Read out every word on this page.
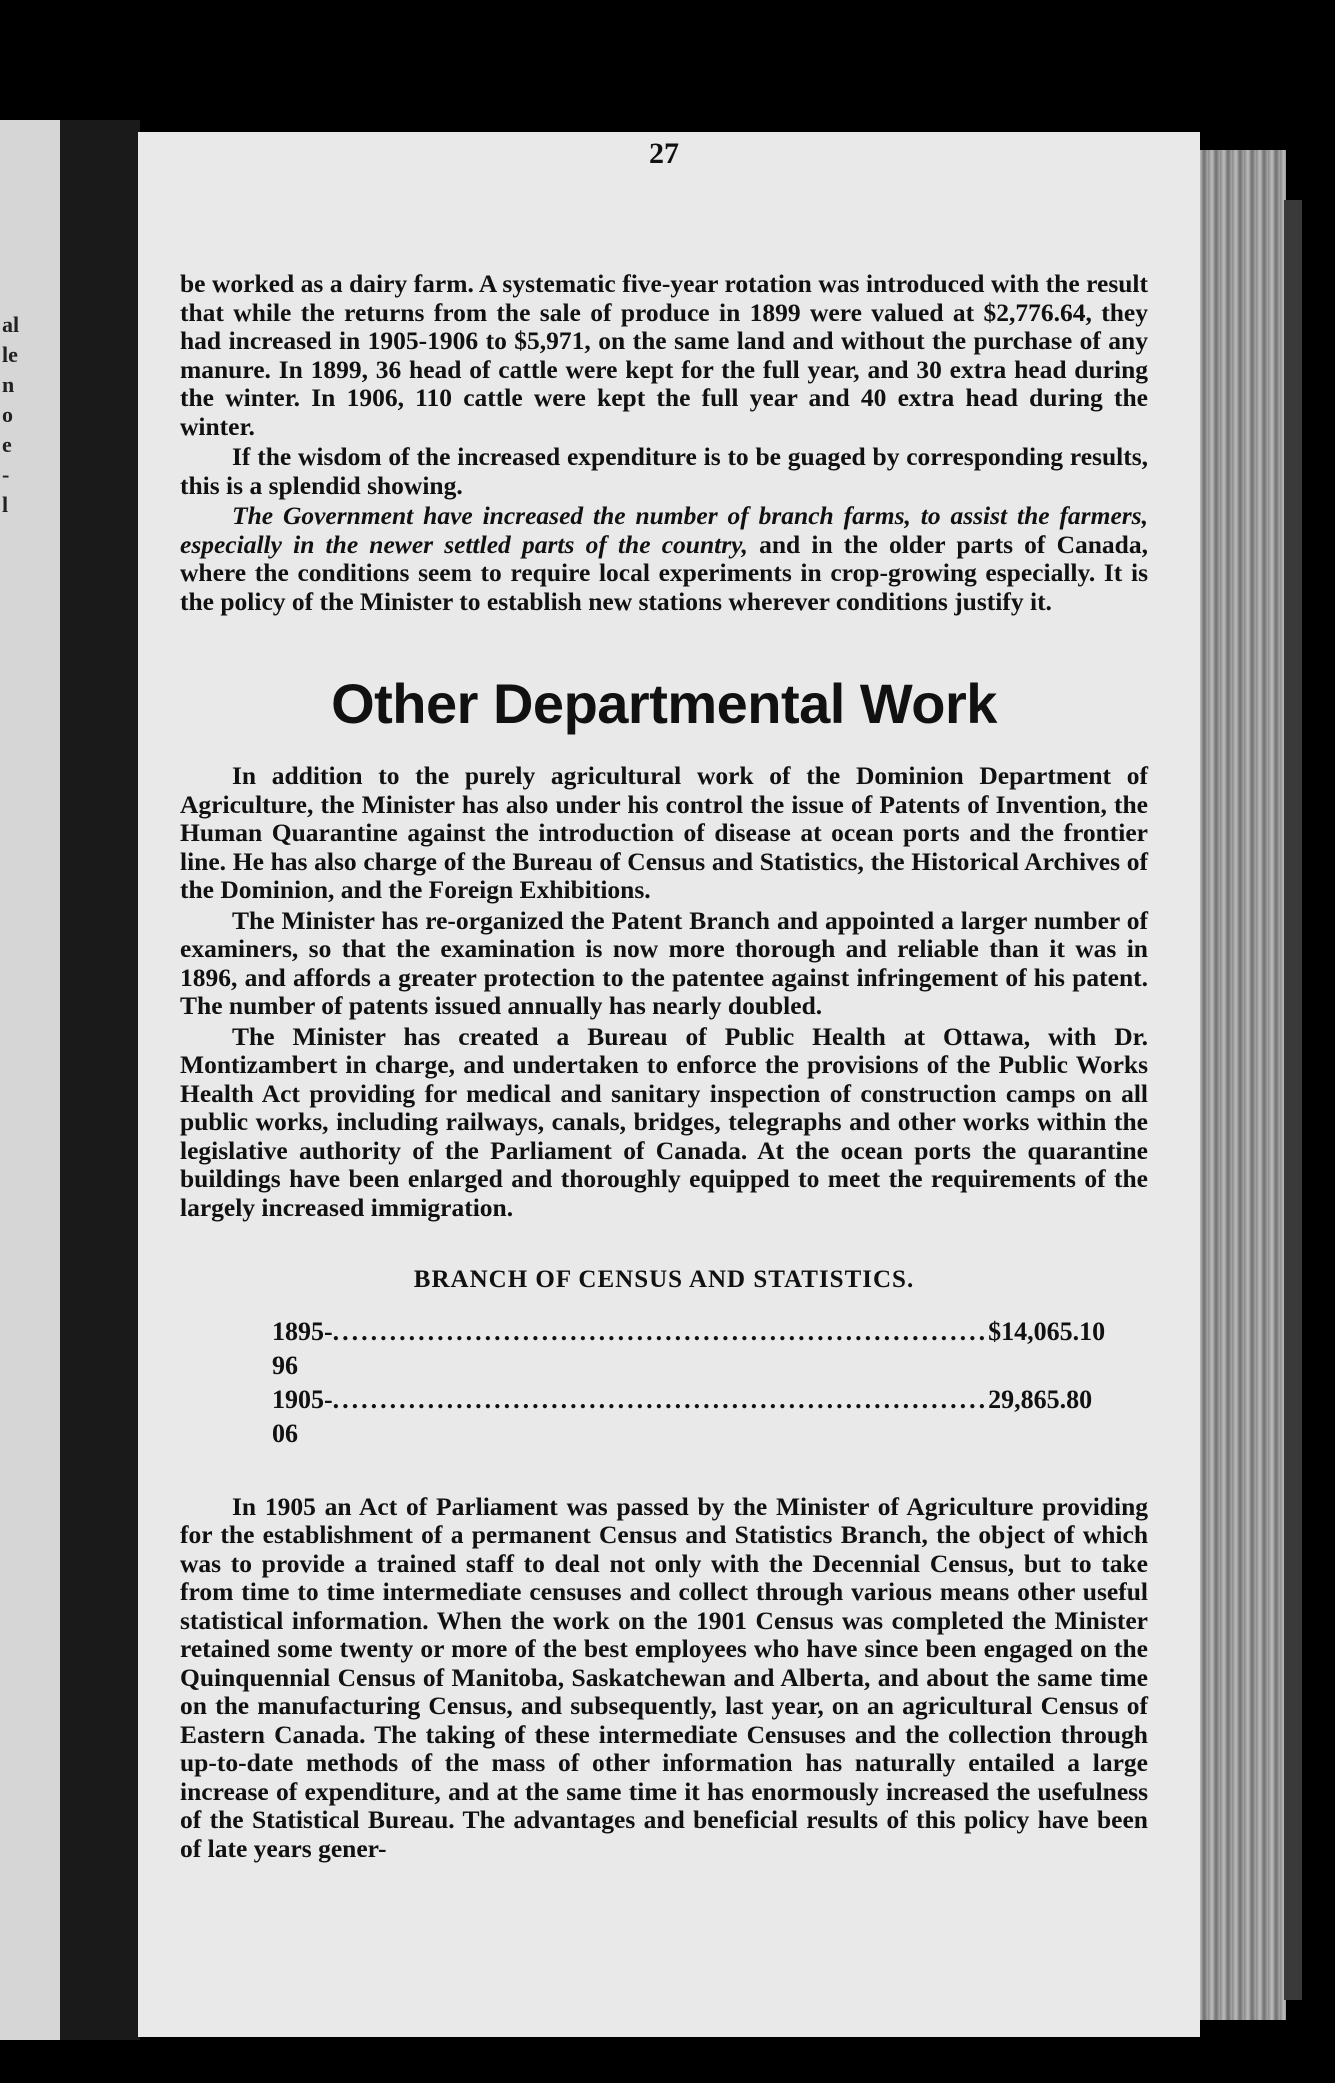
al
le
n
o
e
-
l
27

be worked as a dairy farm. A systematic five-year rotation was introduced with the result that while the returns from the sale of produce in 1899 were valued at $2,776.64, they had increased in 1905-1906 to $5,971, on the same land and without the purchase of any manure. In 1899, 36 head of cattle were kept for the full year, and 30 extra head during the winter. In 1906, 110 cattle were kept the full year and 40 extra head during the winter.

If the wisdom of the increased expenditure is to be guaged by corresponding results, this is a splendid showing.

The Government have increased the number of branch farms, to assist the farmers, especially in the newer settled parts of the country, and in the older parts of Canada, where the conditions seem to require local experiments in crop-growing especially. It is the policy of the Minister to establish new stations wherever conditions justify it.

Other Departmental Work

In addition to the purely agricultural work of the Dominion Department of Agriculture, the Minister has also under his control the issue of Patents of Invention, the Human Quarantine against the introduction of disease at ocean ports and the frontier line. He has also charge of the Bureau of Census and Statistics, the Historical Archives of the Dominion, and the Foreign Exhibitions.

The Minister has re-organized the Patent Branch and appointed a larger number of examiners, so that the examination is now more thorough and reliable than it was in 1896, and affords a greater protection to the patentee against infringement of his patent. The number of patents issued annually has nearly doubled.

The Minister has created a Bureau of Public Health at Ottawa, with Dr. Montizambert in charge, and undertaken to enforce the provisions of the Public Works Health Act providing for medical and sanitary inspection of construction camps on all public works, including railways, canals, bridges, telegraphs and other works within the legislative authority of the Parliament of Canada. At the ocean ports the quarantine buildings have been enlarged and thoroughly equipped to meet the requirements of the largely increased immigration.

BRANCH OF CENSUS AND STATISTICS.
1895-96
..................................................................... $14,065.10
1905-06
..................................................................... 29,865.80

In 1905 an Act of Parliament was passed by the Minister of Agriculture providing for the establishment of a permanent Census and Statistics Branch, the object of which was to provide a trained staff to deal not only with the Decennial Census, but to take from time to time intermediate censuses and collect through various means other useful statistical information. When the work on the 1901 Census was completed the Minister retained some twenty or more of the best employees who have since been engaged on the Quinquennial Census of Manitoba, Saskatchewan and Alberta, and about the same time on the manufacturing Census, and subsequently, last year, on an agricultural Census of Eastern Canada. The taking of these intermediate Censuses and the collection through up-to-date methods of the mass of other information has naturally entailed a large increase of expenditure, and at the same time it has enormously increased the usefulness of the Statistical Bureau. The advantages and beneficial results of this policy have been of late years gener-
